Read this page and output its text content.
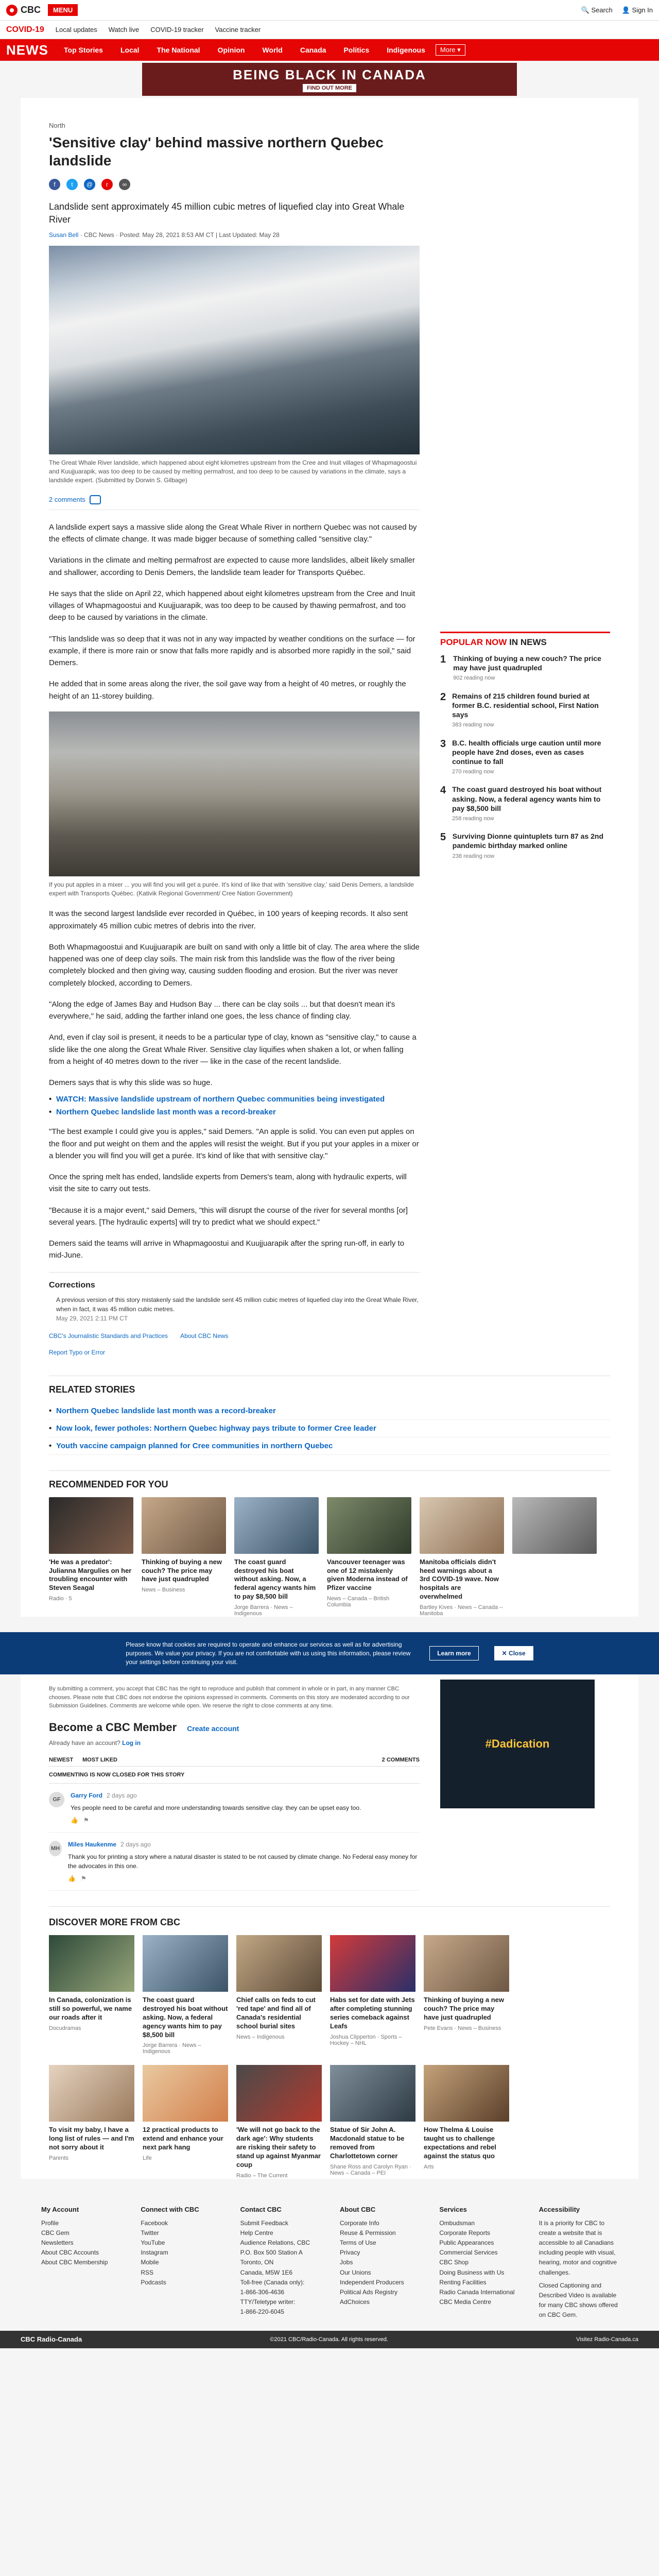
CBC	MENU	🔍 Search 👤 Sign In
COVID-19 Local updates Watch live COVID-19 tracker Vaccine tracker
NEWS Top Stories Local The National Opinion World Canada Politics Indigenous	More ▾
BEING BLACK IN CANADA
FIND OUT MORE
North
'Sensitive clay' behind massive northern Quebec landslide
f	t	@	r	∞

Landslide sent approximately 45 million cubic metres of liquefied clay into Great Whale River

Susan Bell · CBC News · Posted: May 28, 2021 8:53 AM CT | Last Updated: May 28

The Great Whale River landslide, which happened about eight kilometres upstream from the Cree and Inuit villages of Whapmagoostui and Kuujjuarapik, was too deep to be caused by melting permafrost, and too deep to be caused by variations in the climate, says a landslide expert. (Submitted by Dorwin S. Gilbage)

2 comments

A landslide expert says a massive slide along the Great Whale River in northern Quebec was not caused by the effects of climate change. It was made bigger because of something called "sensitive clay."

Variations in the climate and melting permafrost are expected to cause more landslides, albeit likely smaller and shallower, according to Denis Demers, the landslide team leader for Transports Québec.

He says that the slide on April 22, which happened about eight kilometres upstream from the Cree and Inuit villages of Whapmagoostui and Kuujjuarapik, was too deep to be caused by thawing permafrost, and too deep to be caused by variations in the climate.

"This landslide was so deep that it was not in any way impacted by weather conditions on the surface — for example, if there is more rain or snow that falls more rapidly and is absorbed more rapidly in the soil," said Demers.

He added that in some areas along the river, the soil gave way from a height of 40 metres, or roughly the height of an 11-storey building.

If you put apples in a mixer ... you will find you will get a purée. It's kind of like that with 'sensitive clay,' said Denis Demers, a landslide expert with Transports Québec. (Kativik Regional Government/ Cree Nation Government)

It was the second largest landslide ever recorded in Québec, in 100 years of keeping records. It also sent approximately 45 million cubic metres of debris into the river.

Both Whapmagoostui and Kuujjuarapik are built on sand with only a little bit of clay. The area where the slide happened was one of deep clay soils. The main risk from this landslide was the flow of the river being completely blocked and then giving way, causing sudden flooding and erosion. But the river was never completely blocked, according to Demers.

"Along the edge of James Bay and Hudson Bay ... there can be clay soils ... but that doesn't mean it's everywhere," he said, adding the farther inland one goes, the less chance of finding clay.

And, even if clay soil is present, it needs to be a particular type of clay, known as "sensitive clay," to cause a slide like the one along the Great Whale River. Sensitive clay liquifies when shaken a lot, or when falling from a height of 40 metres down to the river — like in the case of the recent landslide.

Demers says that is why this slide was so huge.

• WATCH: Massive landslide upstream of northern Quebec communities being investigated
• Northern Quebec landslide last month was a record-breaker

"The best example I could give you is apples," said Demers. "An apple is solid. You can even put apples on the floor and put weight on them and the apples will resist the weight. But if you put your apples in a mixer or a blender you will find you will get a purée. It's kind of like that with sensitive clay."

Once the spring melt has ended, landslide experts from Demers's team, along with hydraulic experts, will visit the site to carry out tests.

"Because it is a major event," said Demers, "this will disrupt the course of the river for several months [or] several years. [The hydraulic experts] will try to predict what we should expect."

Demers said the teams will arrive in Whapmagoostui and Kuujjuarapik after the spring run-off, in early to mid-June.

Corrections
A previous version of this story mistakenly said the landslide sent 45 million cubic metres of liquefied clay into the Great Whale River, when in fact, it was 45 million cubic metres.
May 29, 2021 2:11 PM CT
CBC's Journalistic Standards and Practices About CBC News
Report Typo or Error
POPULAR NOW IN NEWS
1 Thinking of buying a new couch? The price may have just quadrupled
902 reading now
2 Remains of 215 children found buried at former B.C. residential school, First Nation says
383 reading now
3 B.C. health officials urge caution until more people have 2nd doses, even as cases continue to fall
270 reading now
4 The coast guard destroyed his boat without asking. Now, a federal agency wants him to pay $8,500 bill
258 reading now
5 Surviving Dionne quintuplets turn 87 as 2nd pandemic birthday marked online
238 reading now
RELATED STORIES
• Northern Quebec landslide last month was a record-breaker
• Now look, fewer potholes: Northern Quebec highway pays tribute to former Cree leader
• Youth vaccine campaign planned for Cree communities in northern Quebec
RECOMMENDED FOR YOU
'He was a predator': Julianna Margulies on her troubling encounter with Steven Seagal
Radio · 5
Thinking of buying a new couch? The price may have just quadrupled
News – Business
The coast guard destroyed his boat without asking. Now, a federal agency wants him to pay $8,500 bill
Jorge Barrera · News – Indigenous
Vancouver teenager was one of 12 mistakenly given Moderna instead of Pfizer vaccine
News – Canada – British Columbia
Manitoba officials didn't heed warnings about a 3rd COVID-19 wave. Now hospitals are overwhelmed
Bartley Kives · News – Canada – Manitoba
Please know that cookies are required to operate and enhance our services as well as for advertising purposes. We value your privacy. If you are not comfortable with us using this information, please review your settings before continuing your visit.
Learn more	✕ Close

By submitting a comment, you accept that CBC has the right to reproduce and publish that comment in whole or in part, in any manner CBC chooses. Please note that CBC does not endorse the opinions expressed in comments. Comments on this story are moderated according to our Submission Guidelines. Comments are welcome while open. We reserve the right to close comments at any time.

Become a CBC Member Create account
Already have an account? Log in
NEWEST MOST LIKED	2 COMMENTS
COMMENTING IS NOW CLOSED FOR THIS STORY
GF
Garry Ford 2 days ago
Yes people need to be careful and more understanding towards sensitive clay. they can be upset easy too.
👍 ⚑
MH
Miles Haukenme 2 days ago
Thank you for printing a story where a natural disaster is stated to be not caused by climate change. No Federal easy money for the advocates in this one.
👍 ⚑
#Dadication
DISCOVER MORE FROM CBC
In Canada, colonization is still so powerful, we name our roads after it
Docudramas
The coast guard destroyed his boat without asking. Now, a federal agency wants him to pay $8,500 bill
Jorge Barrera · News – Indigenous
Chief calls on feds to cut 'red tape' and find all of Canada's residential school burial sites
News – Indigenous
Habs set for date with Jets after completing stunning series comeback against Leafs
Joshua Clipperton · Sports – Hockey – NHL
Thinking of buying a new couch? The price may have just quadrupled
Pete Evans · News – Business
To visit my baby, I have a long list of rules — and I'm not sorry about it
Parents
12 practical products to extend and enhance your next park hang
Life
'We will not go back to the dark age': Why students are risking their safety to stand up against Myanmar coup
Radio – The Current
Statue of Sir John A. Macdonald statue to be removed from Charlottetown corner
Shane Ross and Carolyn Ryan · News – Canada – PEI
How Thelma & Louise taught us to challenge expectations and rebel against the status quo
Arts
My Account
Profile
CBC Gem
Newsletters
About CBC Accounts
About CBC Membership
Connect with CBC
Facebook
Twitter
YouTube
Instagram
Mobile
RSS
Podcasts
Contact CBC
Submit Feedback
Help Centre
Audience Relations, CBC
P.O. Box 500 Station A
Toronto, ON
Canada, M5W 1E6
Toll-free (Canada only):
1-866-306-4636
TTY/Teletype writer:
1-866-220-6045
About CBC
Corporate Info
Reuse & Permission
Terms of Use
Privacy
Jobs
Our Unions
Independent Producers
Political Ads Registry
AdChoices
Services
Ombudsman
Corporate Reports
Public Appearances
Commercial Services
CBC Shop
Doing Business with Us
Renting Facilities
Radio Canada International
CBC Media Centre
Accessibility
It is a priority for CBC to create a website that is accessible to all Canadians including people with visual, hearing, motor and cognitive challenges.
Closed Captioning and Described Video is available for many CBC shows offered on CBC Gem.
CBC Radio-Canada	©2021 CBC/Radio-Canada. All rights reserved.	Visitez Radio-Canada.ca
